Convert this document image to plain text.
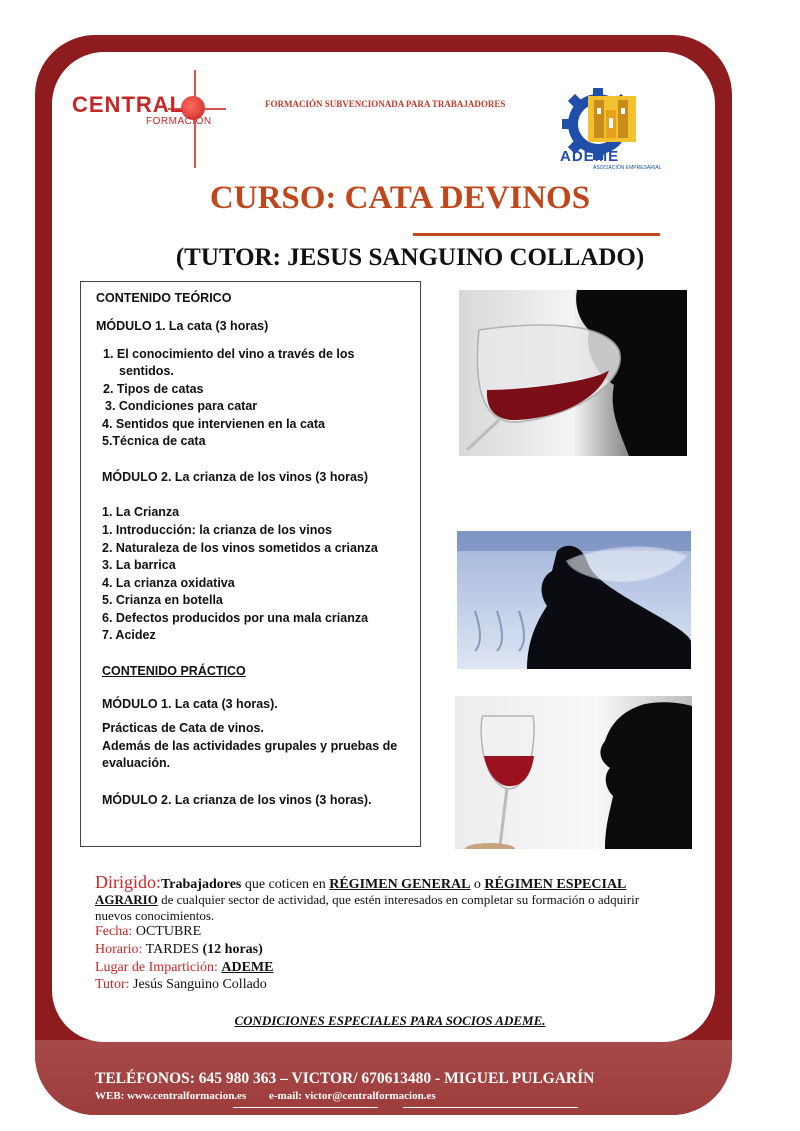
CENTRAL
FORMACIÓN
FORMACIÓN SUBVENCIONADA PARA TRABAJADORES
ADEME
ASOCIACIÓN EMPRESARIAL
CURSO: CATA DEVINOS
(TUTOR: JESUS SANGUINO COLLADO)
CONTENIDO TEÓRICO
MÓDULO 1. La cata (3 horas)
1. El conocimiento del vino a través de los
sentidos.
2. Tipos de catas
3. Condiciones para catar
4. Sentidos que intervienen en la cata
5.Técnica de cata
MÓDULO 2. La crianza de los vinos (3 horas)
1. La Crianza
1. Introducción: la crianza de los vinos
2. Naturaleza de los vinos sometidos a crianza
3. La barrica
4. La crianza oxidativa
5. Crianza en botella
6. Defectos producidos por una mala crianza
7. Acidez
CONTENIDO PRÁCTICO
MÓDULO 1. La cata (3 horas).
Prácticas de Cata de vinos.
Además de las actividades grupales y pruebas de
evaluación.
MÓDULO 2. La crianza de los vinos (3 horas).
Dirigido:Trabajadores que coticen en RÉGIMEN GENERAL o RÉGIMEN ESPECIAL
AGRARIO de cualquier sector de actividad, que estén interesados en completar su formación o adquirir
nuevos conocimientos.
Fecha: OCTUBRE
Horario: TARDES (12 horas)
Lugar de Impartición: ADEME
Tutor: Jesús Sanguino Collado
CONDICIONES ESPECIALES PARA SOCIOS ADEME.
TELÉFONOS: 645 980 363 – VICTOR/ 670613480 - MIGUEL PULGARÍN
WEB: www.centralformacion.es e-mail: victor@centralformacion.es
